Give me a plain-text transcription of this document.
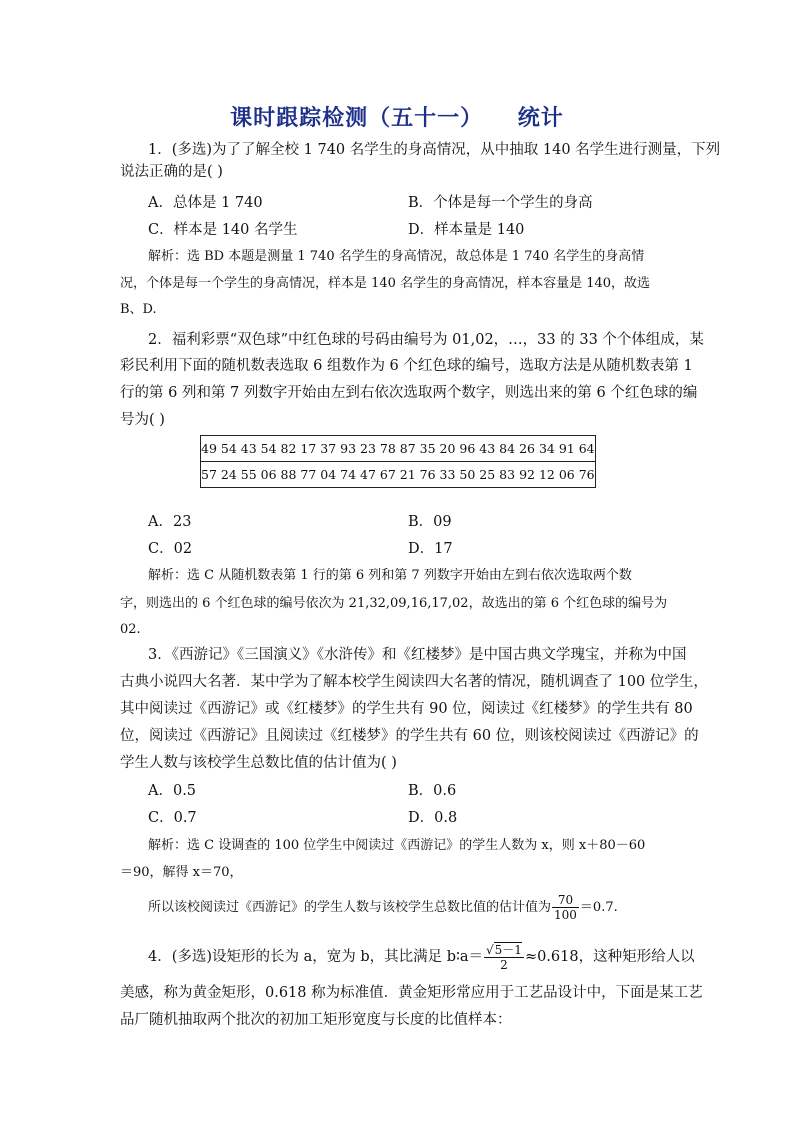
课时跟踪检测（五十一）    统计
1．(多选)为了了解全校 1 740 名学生的身高情况，从中抽取 140 名学生进行测量，下列
说法正确的是( )
A．总体是 1 740	B．个体是每一个学生的身高
C．样本是 140 名学生	D．样本量是 140
解析：选 BD 本题是测量 1 740 名学生的身高情况，故总体是 1 740 名学生的身高情
况，个体是每一个学生的身高情况，样本是 140 名学生的身高情况，样本容量是 140，故选
B、D.
2．福利彩票“双色球”中红色球的号码由编号为 01,02，…，33 的 33 个个体组成，某
彩民利用下面的随机数表选取 6 组数作为 6 个红色球的编号，选取方法是从随机数表第 1
行的第 6 列和第 7 列数字开始由左到右依次选取两个数字，则选出来的第 6 个红色球的编
号为( )
49 54 43 54 82 17 37 93 23 78 87 35 20 96 43 84 26 34 91 64
57 24 55 06 88 77 04 74 47 67 21 76 33 50 25 83 92 12 06 76
A．23	B．09
C．02	D．17
解析：选 C 从随机数表第 1 行的第 6 列和第 7 列数字开始由左到右依次选取两个数
字，则选出的 6 个红色球的编号依次为 21,32,09,16,17,02，故选出的第 6 个红色球的编号为
02.
3．《西游记》《三国演义》《水浒传》和《红楼梦》是中国古典文学瑰宝，并称为中国
古典小说四大名著．某中学为了解本校学生阅读四大名著的情况，随机调查了 100 位学生，
其中阅读过《西游记》或《红楼梦》的学生共有 90 位，阅读过《红楼梦》的学生共有 80
位，阅读过《西游记》且阅读过《红楼梦》的学生共有 60 位，则该校阅读过《西游记》的
学生人数与该校学生总数比值的估计值为( )
A．0.5	B．0.6
C．0.7	D．0.8
解析：选 C 设调查的 100 位学生中阅读过《西游记》的学生人数为 x，则 x＋80－60
＝90，解得 x＝70，
所以该校阅读过《西游记》的学生人数与该校学生总数比值的估计值为 $\frac{70}{100} =0.7$.
4．(多选)设矩形的长为 a，宽为 b，其比满足 b∶a＝ $\frac{√5-1}{2} \approx 0.618$，这种矩形给人以
美感，称为黄金矩形，0.618 称为标准值．黄金矩形常应用于工艺品设计中，下面是某工艺
品厂随机抽取两个批次的初加工矩形宽度与长度的比值样本：
